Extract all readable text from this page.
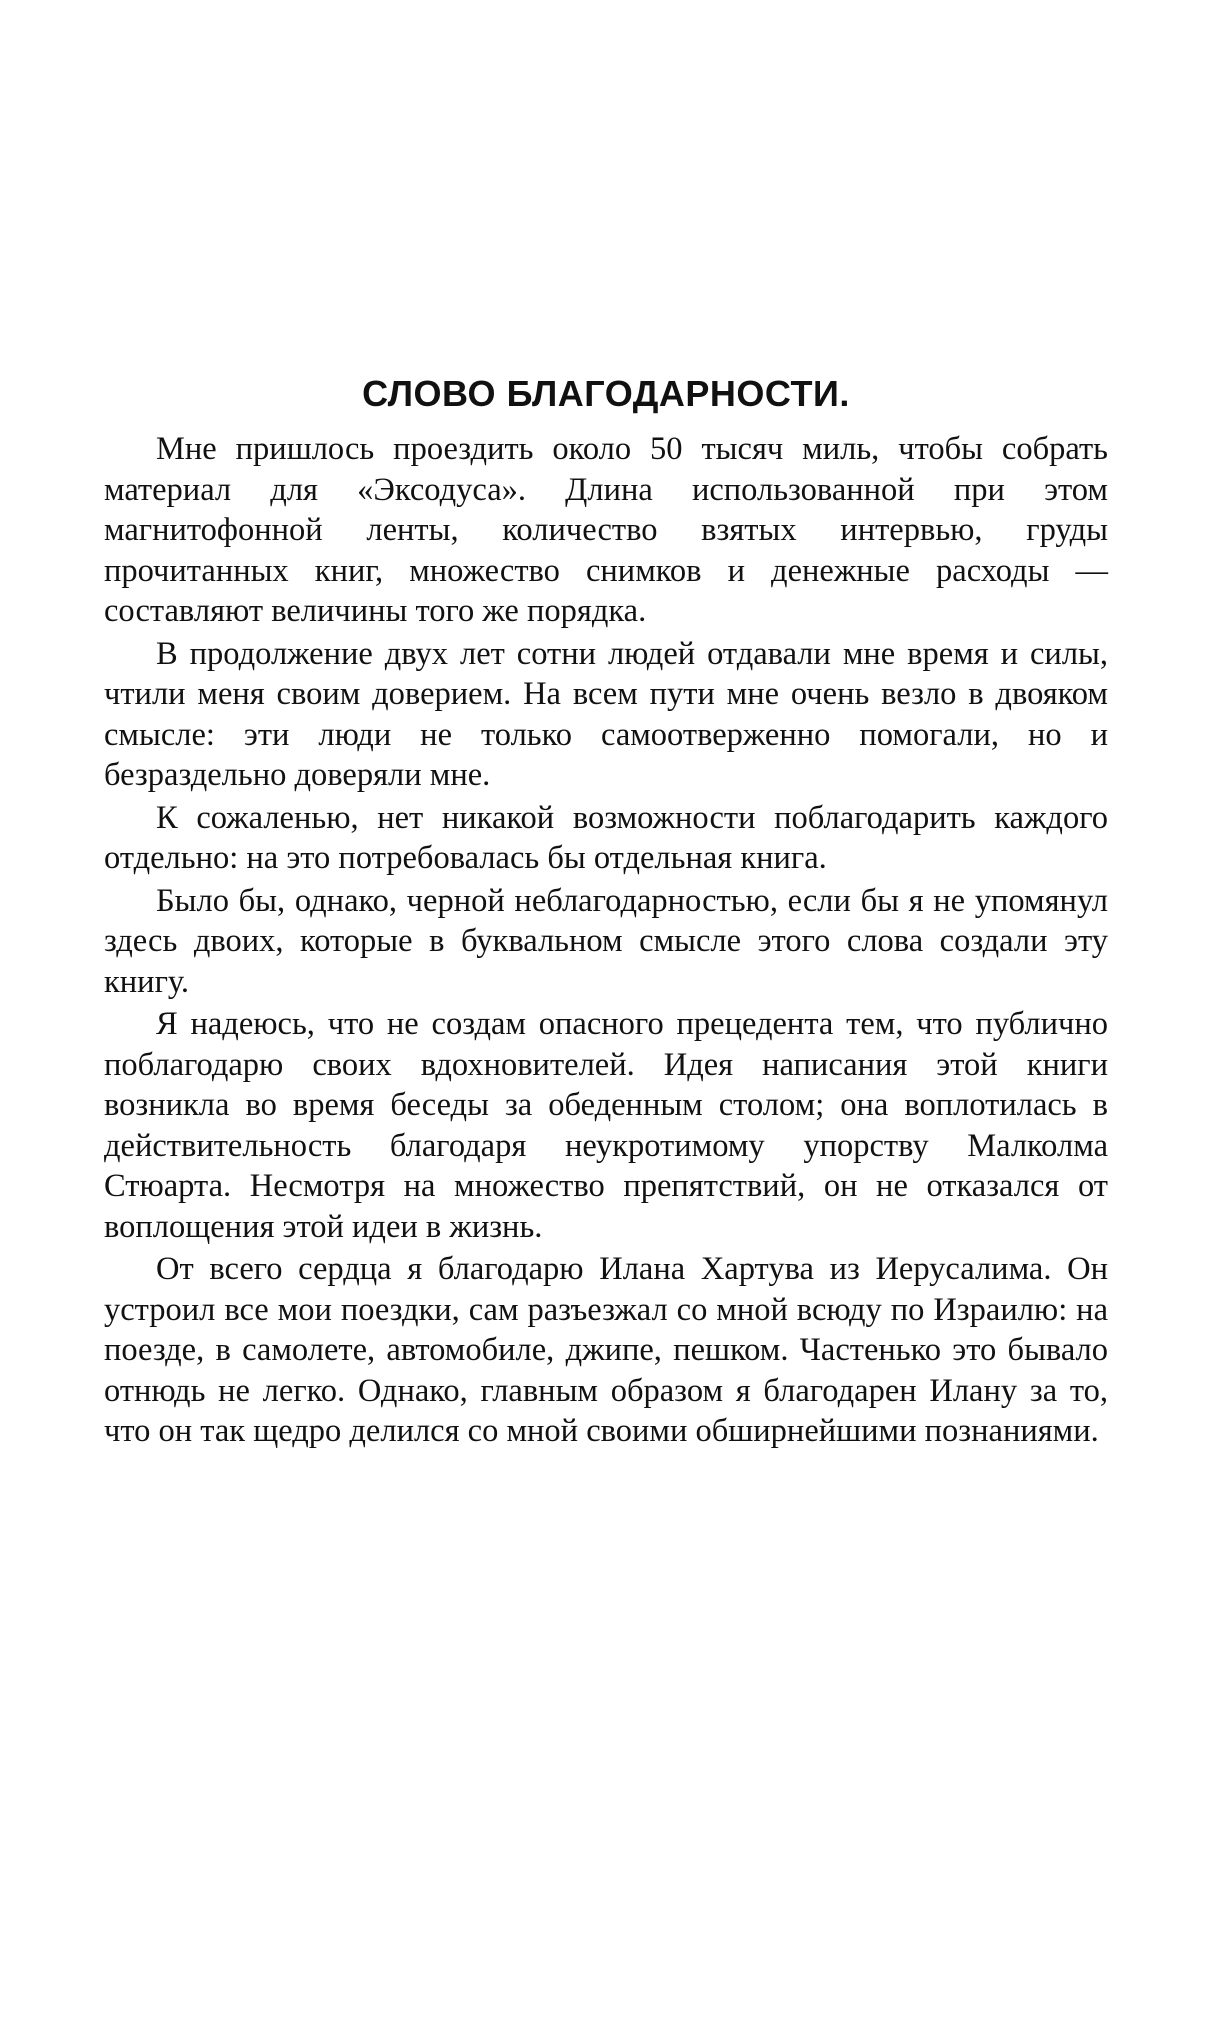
СЛОВО БЛАГОДАРНОСТИ.

Мне пришлось проездить около 50 тысяч миль, чтобы собрать материал для «Эксодуса». Длина использованной при этом магнитофонной ленты, количество взятых интервью, груды прочитанных книг, множество снимков и денежные расходы — составляют величины того же порядка.

В продолжение двух лет сотни людей отдавали мне время и силы, чтили меня своим доверием. На всем пути мне очень везло в двояком смысле: эти люди не только самоотверженно помогали, но и безраздельно доверяли мне.

К сожаленью, нет никакой возможности поблагодарить каждого отдельно: на это потребовалась бы отдельная книга.

Было бы, однако, черной неблагодарностью, если бы я не упомянул здесь двоих, которые в буквальном смысле этого слова создали эту книгу.

Я надеюсь, что не создам опасного прецедента тем, что публично поблагодарю своих вдохновителей. Идея написания этой книги возникла во время беседы за обеденным столом; она воплотилась в действительность благодаря неукротимому упорству Малколма Стюарта. Несмотря на множество препятствий, он не отказался от воплощения этой идеи в жизнь.

От всего сердца я благодарю Илана Хартува из Иерусалима. Он устроил все мои поездки, сам разъезжал со мной всюду по Израилю: на поезде, в самолете, автомобиле, джипе, пешком. Частенько это бывало отнюдь не легко. Однако, главным образом я благодарен Илану за то, что он так щедро делился со мной своими обширнейшими познаниями.
